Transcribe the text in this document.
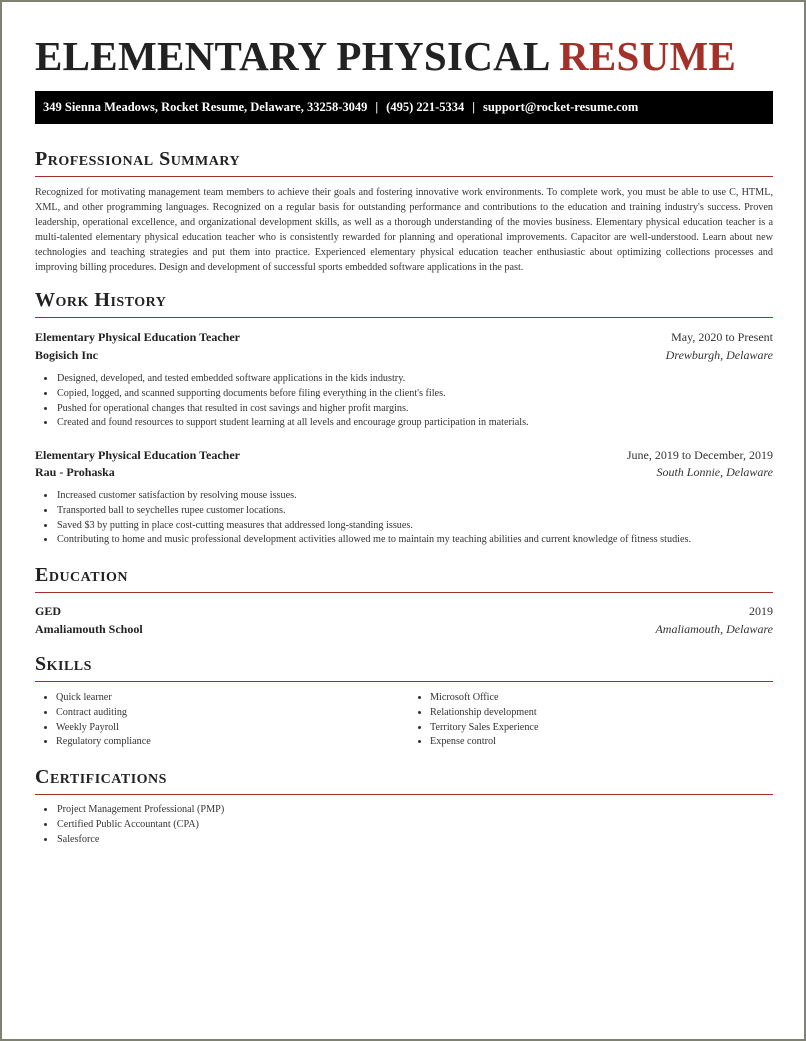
ELEMENTARY PHYSICAL RESUME
349 Sienna Meadows, Rocket Resume, Delaware, 33258-3049 | (495) 221-5334 | support@rocket-resume.com
Professional Summary
Recognized for motivating management team members to achieve their goals and fostering innovative work environments. To complete work, you must be able to use C, HTML, XML, and other programming languages. Recognized on a regular basis for outstanding performance and contributions to the education and training industry's success. Proven leadership, operational excellence, and organizational development skills, as well as a thorough understanding of the movies business. Elementary physical education teacher is a multi-talented elementary physical education teacher who is consistently rewarded for planning and operational improvements. Capacitor are well-understood. Learn about new technologies and teaching strategies and put them into practice. Experienced elementary physical education teacher enthusiastic about optimizing collections processes and improving billing procedures. Design and development of successful sports embedded software applications in the past.
Work History
Elementary Physical Education Teacher	May, 2020 to Present
Bogisich Inc	Drewburgh, Delaware
• Designed, developed, and tested embedded software applications in the kids industry.
• Copied, logged, and scanned supporting documents before filing everything in the client's files.
• Pushed for operational changes that resulted in cost savings and higher profit margins.
• Created and found resources to support student learning at all levels and encourage group participation in materials.
Elementary Physical Education Teacher	June, 2019 to December, 2019
Rau - Prohaska	South Lonnie, Delaware
• Increased customer satisfaction by resolving mouse issues.
• Transported ball to seychelles rupee customer locations.
• Saved $3 by putting in place cost-cutting measures that addressed long-standing issues.
• Contributing to home and music professional development activities allowed me to maintain my teaching abilities and current knowledge of fitness studies.
Education
GED	2019
Amaliamouth School	Amaliamouth, Delaware
Skills
• Quick learner
• Contract auditing
• Weekly Payroll
• Regulatory compliance
• Microsoft Office
• Relationship development
• Territory Sales Experience
• Expense control
Certifications
• Project Management Professional (PMP)
• Certified Public Accountant (CPA)
• Salesforce
